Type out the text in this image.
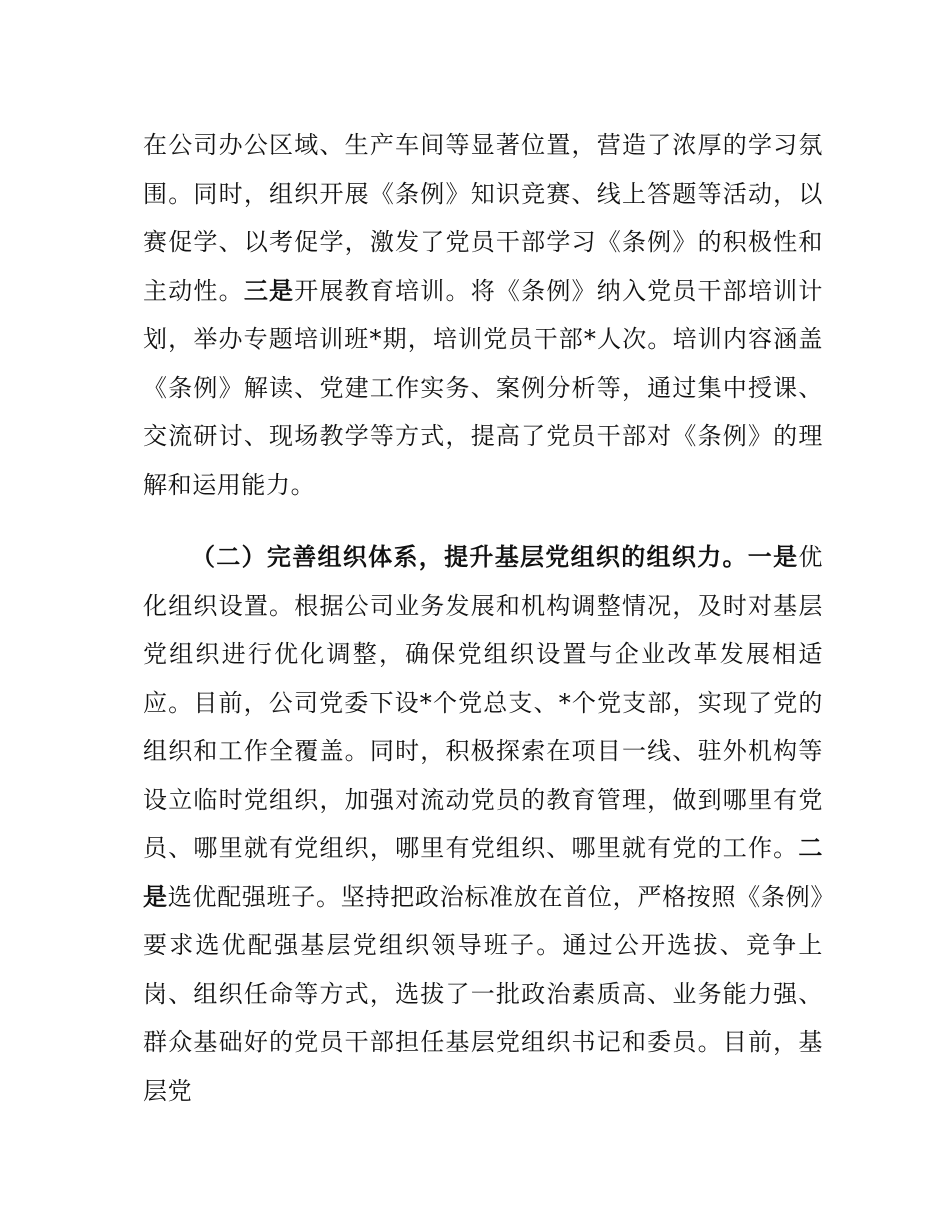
在公司办公区域、生产车间等显著位置，营造了浓厚的学习氛围。同时，组织开展《条例》知识竞赛、线上答题等活动，以赛促学、以考促学，激发了党员干部学习《条例》的积极性和主动性。三是开展教育培训。将《条例》纳入党员干部培训计划，举办专题培训班*期，培训党员干部*人次。培训内容涵盖《条例》解读、党建工作实务、案例分析等，通过集中授课、交流研讨、现场教学等方式，提高了党员干部对《条例》的理解和运用能力。

（二）完善组织体系，提升基层党组织的组织力。一是优化组织设置。根据公司业务发展和机构调整情况，及时对基层党组织进行优化调整，确保党组织设置与企业改革发展相适应。目前，公司党委下设*个党总支、*个党支部，实现了党的组织和工作全覆盖。同时，积极探索在项目一线、驻外机构等设立临时党组织，加强对流动党员的教育管理，做到哪里有党员、哪里就有党组织，哪里有党组织、哪里就有党的工作。二是选优配强班子。坚持把政治标准放在首位，严格按照《条例》要求选优配强基层党组织领导班子。通过公开选拔、竞争上岗、组织任命等方式，选拔了一批政治素质高、业务能力强、群众基础好的党员干部担任基层党组织书记和委员。目前，基层党
